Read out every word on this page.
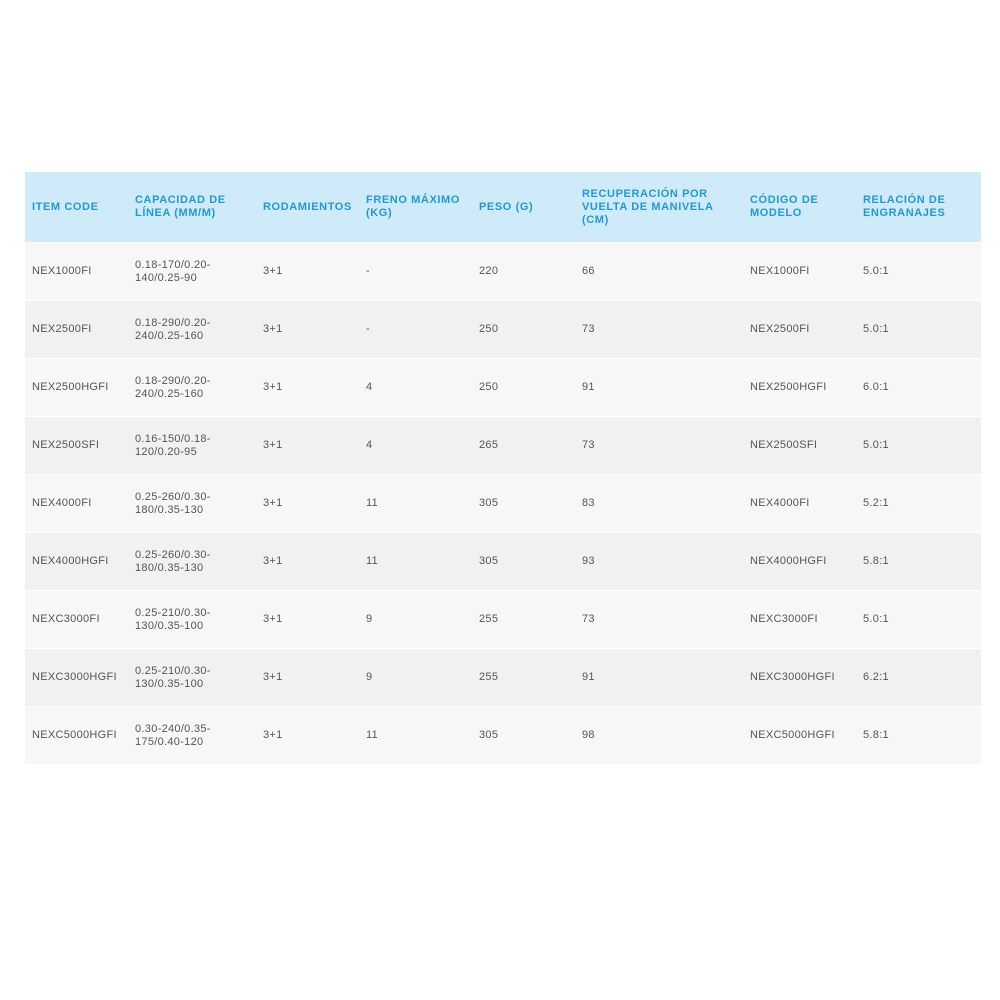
ITEM CODE	CAPACIDAD DE LÍNEA (MM/M)	RODAMIENTOS	FRENO MÁXIMO (KG)	PESO (G)	RECUPERACIÓN POR VUELTA DE MANIVELA (CM)	CÓDIGO DE MODELO	RELACIÓN DE ENGRANAJES
NEX1000FI	0.18-170/0.20-140/0.25-90	3+1	-	220	66	NEX1000FI	5.0:1
NEX2500FI	0.18-290/0.20-240/0.25-160	3+1	-	250	73	NEX2500FI	5.0:1
NEX2500HGFI	0.18-290/0.20-240/0.25-160	3+1	4	250	91	NEX2500HGFI	6.0:1
NEX2500SFI	0.16-150/0.18-120/0.20-95	3+1	4	265	73	NEX2500SFI	5.0:1
NEX4000FI	0.25-260/0.30-180/0.35-130	3+1	11	305	83	NEX4000FI	5.2:1
NEX4000HGFI	0.25-260/0.30-180/0.35-130	3+1	11	305	93	NEX4000HGFI	5.8:1
NEXC3000FI	0.25-210/0.30-130/0.35-100	3+1	9	255	73	NEXC3000FI	5.0:1
NEXC3000HGFI	0.25-210/0.30-130/0.35-100	3+1	9	255	91	NEXC3000HGFI	6.2:1
NEXC5000HGFI	0.30-240/0.35-175/0.40-120	3+1	11	305	98	NEXC5000HGFI	5.8:1
